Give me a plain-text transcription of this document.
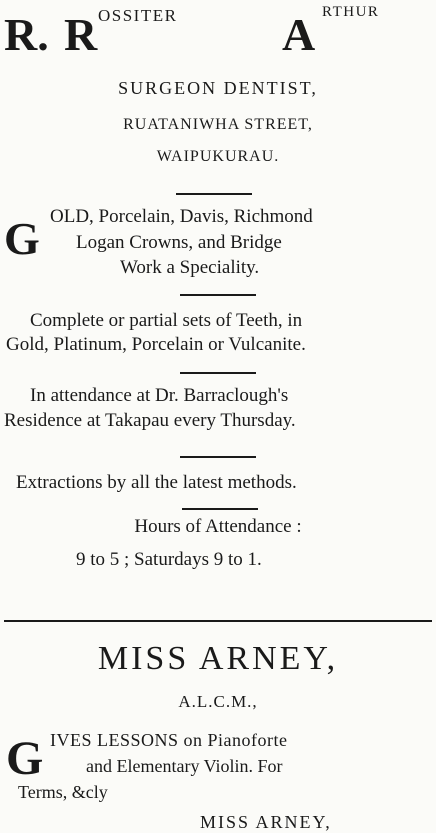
R. R OSSITER A RTHUR
SURGEON DENTIST,
RUATANIWHA STREET,
WAIPUKURAU.
G OLD, Porcelain, Davis, Richmond
Logan Crowns, and Bridge
Work a Speciality.
Complete or partial sets of Teeth, in
Gold, Platinum, Porcelain or Vulcanite.
In attendance at Dr. Barraclough's
Residence at Takapau every Thursday.
Extractions by all the latest methods.
Hours of Attendance :
9 to 5 ; Saturdays 9 to 1.
MISS ARNEY,
A.L.C.M.,
G IVES LESSONS on Pianoforte
and Elementary Violin. For
Terms, &cly
MISS ARNEY,
